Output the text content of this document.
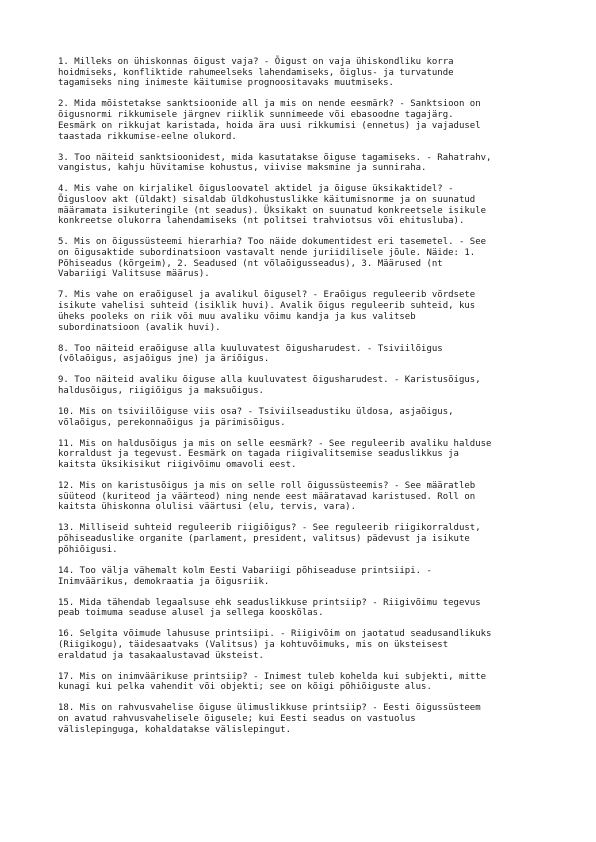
1. Milleks on ühiskonnas õigust vaja? - Õigust on vaja ühiskondliku korra
hoidmiseks, konfliktide rahumeelseks lahendamiseks, õiglus- ja turvatunde
tagamiseks ning inimeste käitumise prognoositavaks muutmiseks.

2. Mida mõistetakse sanktsioonide all ja mis on nende eesmärk? - Sanktsioon on
õigusnormi rikkumisele järgnev riiklik sunnimeede või ebasoodne tagajärg.
Eesmärk on rikkujat karistada, hoida ära uusi rikkumisi (ennetus) ja vajadusel
taastada rikkumise-eelne olukord.

3. Too näiteid sanktsioonidest, mida kasutatakse õiguse tagamiseks. - Rahatrahv,
vangistus, kahju hüvitamise kohustus, viivise maksmine ja sunniraha.

4. Mis vahe on kirjalikel õigusloovatel aktidel ja õiguse üksikaktidel? -
Õigusloov akt (üldakt) sisaldab üldkohustuslikke käitumisnorme ja on suunatud
määramata isikuteringile (nt seadus). Üksikakt on suunatud konkreetsele isikule
konkreetse olukorra lahendamiseks (nt politsei trahviotsus või ehitusluba).

5. Mis on õigussüsteemi hierarhia? Too näide dokumentidest eri tasemetel. - See
on õigusaktide subordinatsioon vastavalt nende juriidilisele jõule. Näide: 1.
Põhiseadus (kõrgeim), 2. Seadused (nt võlaõigusseadus), 3. Määrused (nt
Vabariigi Valitsuse määrus).

7. Mis vahe on eraõigusel ja avalikul õigusel? - Eraõigus reguleerib võrdsete
isikute vahelisi suhteid (isiklik huvi). Avalik õigus reguleerib suhteid, kus
üheks pooleks on riik või muu avaliku võimu kandja ja kus valitseb
subordinatsioon (avalik huvi).

8. Too näiteid eraõiguse alla kuuluvatest õigusharudest. - Tsiviilõigus
(võlaõigus, asjaõigus jne) ja äriõigus.

9. Too näiteid avaliku õiguse alla kuuluvatest õigusharudest. - Karistusõigus,
haldusõigus, riigiõigus ja maksuõigus.

10. Mis on tsiviilõiguse viis osa? - Tsiviilseadustiku üldosa, asjaõigus,
võlaõigus, perekonnaõigus ja pärimisõigus.

11. Mis on haldusõigus ja mis on selle eesmärk? - See reguleerib avaliku halduse
korraldust ja tegevust. Eesmärk on tagada riigivalitsemise seaduslikkus ja
kaitsta üksikisikut riigivõimu omavoli eest.

12. Mis on karistusõigus ja mis on selle roll õigussüsteemis? - See määratleb
süüteod (kuriteod ja väärteod) ning nende eest määratavad karistused. Roll on
kaitsta ühiskonna olulisi väärtusi (elu, tervis, vara).

13. Milliseid suhteid reguleerib riigiõigus? - See reguleerib riigikorraldust,
põhiseaduslike organite (parlament, president, valitsus) pädevust ja isikute
põhiõigusi.

14. Too välja vähemalt kolm Eesti Vabariigi põhiseaduse printsiipi. -
Inimväärikus, demokraatia ja õigusriik.

15. Mida tähendab legaalsuse ehk seaduslikkuse printsiip? - Riigivõimu tegevus
peab toimuma seaduse alusel ja sellega kooskõlas.

16. Selgita võimude lahususe printsiipi. - Riigivõim on jaotatud seadusandlikuks
(Riigikogu), täidesaatvaks (Valitsus) ja kohtuvõimuks, mis on üksteisest
eraldatud ja tasakaalustavad üksteist.

17. Mis on inimväärikuse printsiip? - Inimest tuleb kohelda kui subjekti, mitte
kunagi kui pelka vahendit või objekti; see on kõigi põhiõiguste alus.

18. Mis on rahvusvahelise õiguse ülimuslikkuse printsiip? - Eesti õigussüsteem
on avatud rahvusvahelisele õigusele; kui Eesti seadus on vastuolus
välislepinguga, kohaldatakse välislepingut.
